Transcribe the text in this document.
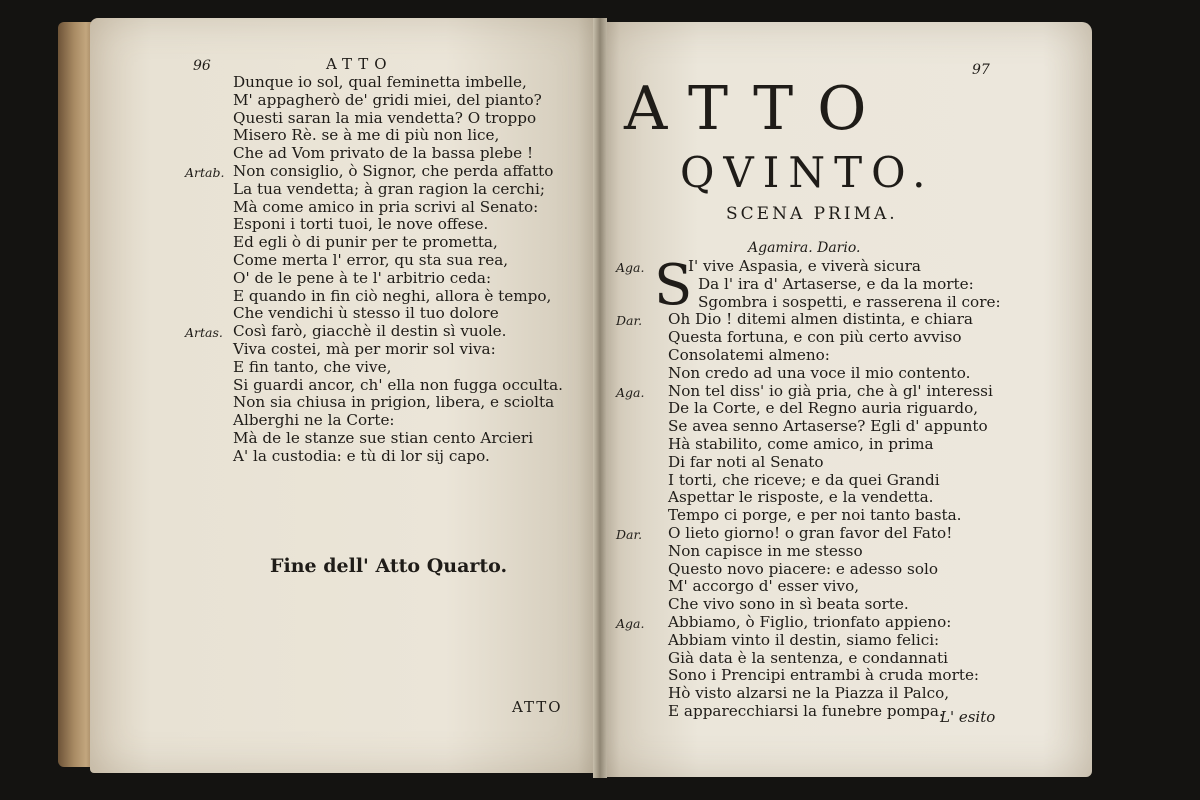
96	ATTO
Dunque io sol, qual feminetta imbelle,
M' appagherò de' gridi miei, del pianto?
Questi saran la mia vendetta? O troppo
Misero Rè. se à me di più non lice,
Che ad Vom privato de la bassa plebe !
Non consiglio, ò Signor, che perda affatto
La tua vendetta; à gran ragion la cerchi;
Mà come amico in pria scrivi al Senato:
Esponi i torti tuoi, le nove offese.
Ed egli ò di punir per te prometta,
Come merta l' error, qu sta sua rea,
O' de le pene à te l' arbitrio ceda:
E quando in fin ciò neghi, allora è tempo,
Che vendichi ù stesso il tuo dolore
Così farò, giacchè il destin sì vuole.
Viva costei, mà per morir sol viva:
E fin tanto, che vive,
Si guardi ancor, ch' ella non fugga occulta.
Non sia chiusa in prigion, libera, e sciolta
Alberghi ne la Corte:
Mà de le stanze sue stian cento Arcieri
A' la custodia: e tù di lor sij capo.
Artab.
Artas.
Fine dell' Atto Quarto.
ATTO
97
ATTO
QVINTO.
SCENA PRIMA.
Agamira. Dario.
S
I' vive Aspasia, e viverà sicura
Da l' ira d' Artaserse, e da la morte:
Sgombra i sospetti, e rasserena il core:
Oh Dio ! ditemi almen distinta, e chiara
Questa fortuna, e con più certo avviso
Consolatemi almeno:
Non credo ad una voce il mio contento.
Non tel diss' io già pria, che à gl' interessi
De la Corte, e del Regno auria riguardo,
Se avea senno Artaserse? Egli d' appunto
Hà stabilito, come amico, in prima
Di far noti al Senato
I torti, che riceve; e da quei Grandi
Aspettar le risposte, e la vendetta.
Tempo ci porge, e per noi tanto basta.
O lieto giorno! o gran favor del Fato!
Non capisce in me stesso
Questo novo piacere: e adesso solo
M' accorgo d' esser vivo,
Che vivo sono in sì beata sorte.
Abbiamo, ò Figlio, trionfato appieno:
Abbiam vinto il destin, siamo felici:
Già data è la sentenza, e condannati
Sono i Prencipi entrambi à cruda morte:
Hò visto alzarsi ne la Piazza il Palco,
E apparecchiarsi la funebre pompa.
Aga.
Dar.
Aga.
Dar.
Aga.
L' esito
